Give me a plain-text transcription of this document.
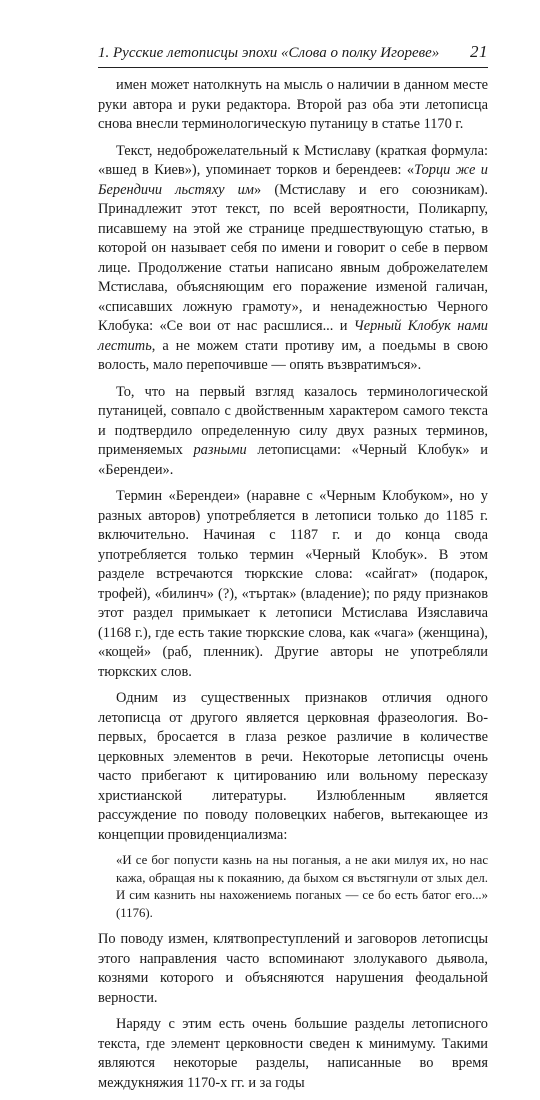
1. Русские летописцы эпохи «Слова о полку Игореве» 21

имен может натолкнуть на мысль о наличии в данном месте руки автора и руки редактора. Второй раз оба эти летописца снова внесли терминологическую путаницу в статье 1170 г.

Текст, недоброжелательный к Мстиславу (краткая формула: «вшед в Киев»), упоминает торков и берендеев: «Торци же и Берендичи льстяху им» (Мстиславу и его союзникам). Принадлежит этот текст, по всей вероятности, Поликарпу, писавшему на этой же странице предшествующую статью, в которой он называет себя по имени и говорит о себе в первом лице. Продолжение статьи написано явным доброжелателем Мстислава, объясняющим его поражение изменой галичан, «списавших ложную грамоту», и ненадежностью Черного Клобука: «Се вои от нас расшлися... и Черный Клобук нами лестить, а не можем стати противу им, а поедьмы в свою волость, мало перепочивше — опять възвратимъся».

То, что на первый взгляд казалось терминологической путаницей, совпало с двойственным характером самого текста и подтвердило определенную силу двух разных терминов, применяемых разными летописцами: «Черный Клобук» и «Берендеи».

Термин «Берендеи» (наравне с «Черным Клобуком», но у разных авторов) употребляется в летописи только до 1185 г. включительно. Начиная с 1187 г. и до конца свода употребляется только термин «Черный Клобук». В этом разделе встречаются тюркские слова: «сайгат» (подарок, трофей), «билинч» (?), «търтак» (владение); по ряду признаков этот раздел примыкает к летописи Мстислава Изяславича (1168 г.), где есть такие тюркские слова, как «чага» (женщина), «кощей» (раб, пленник). Другие авторы не употребляли тюркских слов.

Одним из существенных признаков отличия одного летописца от другого является церковная фразеология. Во-первых, бросается в глаза резкое различие в количестве церковных элементов в речи. Некоторые летописцы очень часто прибегают к цитированию или вольному пересказу христианской литературы. Излюбленным является рассуждение по поводу половецких набегов, вытекающее из концепции провиденциализма:

«И се бог попусти казнь на ны поганыя, а не аки милуя их, но нас кажа, обращая ны к покаянию, да быхом ся въстягнули от злых дел. И сим казнить ны нахожениемь поганых — се бо есть батог его...» (1176).

По поводу измен, клятвопреступлений и заговоров летописцы этого направления часто вспоминают злолукавого дьявола, кознями которого и объясняются нарушения феодальной верности.

Наряду с этим есть очень большие разделы летописного текста, где элемент церковности сведен к минимуму. Такими являются некоторые разделы, написанные во время междукняжия 1170-х гг. и за годы
